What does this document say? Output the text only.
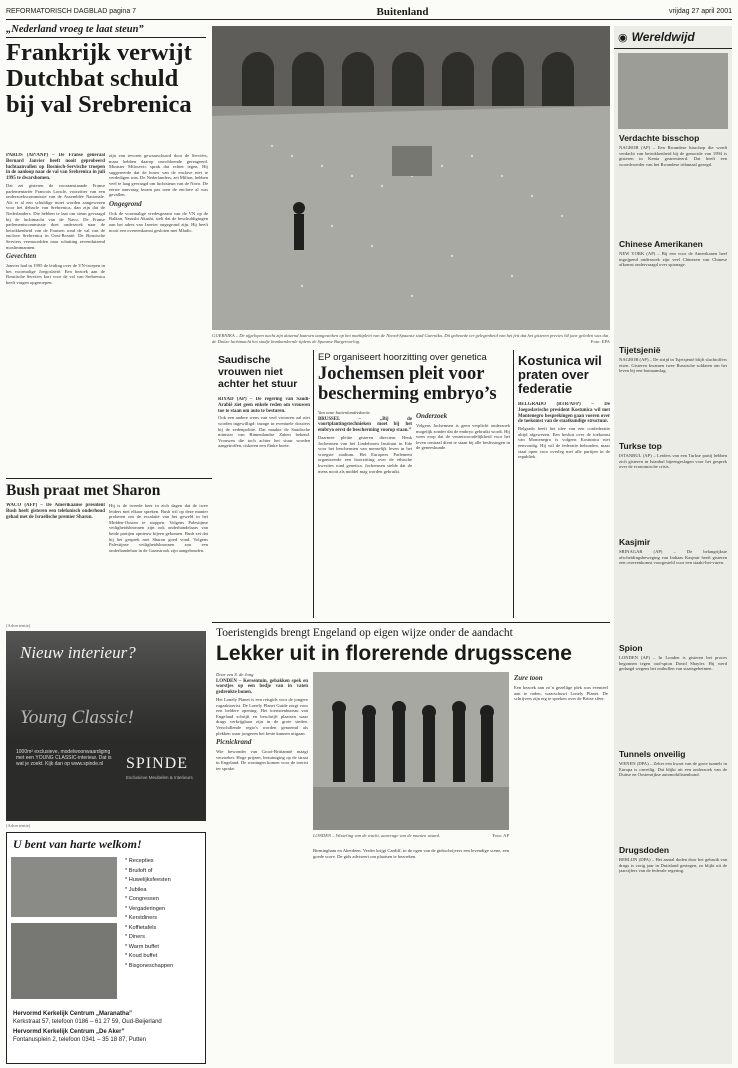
REFORMATORISCH DAGBLAD pagina 7	Buitenland	vrijdag 27 april 2001
„Nederland vroeg te laat steun”
Frankrijk verwijt Dutchbat schuld bij val Srebrenica

PARIJS (AP/ANP) – De Franse generaal Bernard Janvier heeft nooit geprobeerd luchtaanvallen op Bosnisch-Servische troepen in de aanloop naar de val van Srebrenica in juli 1995 te dwarsbomen.

Dat zei gisteren de vooraanstaande Franse parlementariër Francois Loncle, voorzitter van een onderzoekscommissie van de Assemblée Nationale. Als er al een schuldige moet worden aangewezen voor het debacle van Srebrenica, dan zijn dat de Nederlanders. Die hebben te laat om steun gevraagd bij de luchtmacht van de Navo. De Franse parlementscommissie doet onderzoek naar de betrokkenheid van de Fransen rond de val van de enclave Srebrenica in Oost-Bosnië. De Bosnische Serviers vermoordden naar schatting zevenduizend moslimmannen.

Gevechten

Janvier had in 1995 de leiding over de VN-troepen in het voormalige Joegoslavië. Een bezoek aan de Bosnische Serviers kort voor de val van Srebrenica heeft vragen opgeroepen.

zijn van tevoren gewaarschuwd door de Serviërs, maar hebben daarop onvoldoende gereageerd. Minister Milosevic sprak dat echter tegen. Hij suggereerde dat de bouw van de enclave niet te verdedigen was. De Nederlanders, zei Milion, hebben veel te laag gevraagd om luchtsteun van de Navo. De eerste aanvraag kwam pas toen de enclave al was gevallen.

Ongegrond

Ook de voormalige vredesgezant van de VN op de Balkan, Yasushi Akashi, stelt dat de beschuldigingen aan het adres van Janvier ongegrond zijn. Hij heeft nooit een overeenkomst gesloten met Mladic.

GUERNIKA – De afgelopen nacht zijn duizend kaarsen aangestoken op het marktplein van de Noord-Spaanse stad Guernika. Dit gebeurde ter gelegenheid van het feit dat het gisteren precies 64 jaar geleden was dat de Duitse luchtmacht het stadje bombardeerde tijdens de Spaanse Burgeroorlog.	Foto: EPA
Saudische vrouwen niet achter het stuur

RIYAD (AP) – De regering van Saudi-Arabië ziet geen enkele reden om vrouwen toe te staan om auto te besturen.

Ook een andere wens van veel vrouwen zal niet worden ingewilligd: inzage in eventuele dossiers bij de zedenpolitie. Dat maakte de Saudische minister van Binnenlandse Zaken bekend. Vrouwen die toch achter het stuur worden aangetroffen, riskeren een flinke boete.

EP organiseert hoorzitting over genetica
Jochemsen pleit voor bescherming embryo’s

Van onze buitenlandredactie

BRUSSEL – „Bij de voortplantingstechnieken moet bij het embryo eerst de bescherming voorop staan.”

Daarmee pleitte gisteren directeur Henk Jochemsen van het Lindeboom Instituut in Ede voor het beschermen van menselijk leven in het vroegste stadium. Het Europees Parlement organiseerde een hoorzitting over de ethische kwesties rond genetica. Jochemsen stelde dat de mens nooit als middel mag worden gebruikt.

Onderzoek

Volgens Jochemsen is geen verplicht onderzoek mogelijk zonder dat de embryo gebruikt wordt. Hij wees erop dat de verantwoordelijkheid voor het leven centraal dient te staan bij alle beslissingen in de geneeskunde.

Kostunica wil praten over federatie

BELGRADO (RTR/AFP) – De Joegoslavische president Kostunica wil met Montenegro besprekingen gaan voeren over de toekomst van de staatkundige structuur.

Belgrado heeft het idee van een confederatie altijd afgewezen. Een besluit over de toekomst van Montenegro is volgens Kostunica niet eenvoudig. Hij wil de federatie behouden, maar staat open voor overleg met alle partijen in de republiek.

Bush praat met Sharon

WACO (AFP) – De Amerikaanse president Bush heeft gisteren een telefonisch onderhoud gehad met de Israelische premier Sharon.

Hij is de tweede keer in zich dagen dat de twee leiders met elkaar spreken. Bush wil op deze manier proberen om de escalatie van het geweld in het Midden-Oosten te stoppen. Volgens Palestijnse veiligheidsbronnen zijn ook onderhandelaars van beide partijen opnieuw bijeen gekomen. Bush zei dat hij het gesprek met Sharon goed vond. Volgens Palestijnse veiligheidsbronnen zou een onderhandelaar in de Gazastrook zijn aangehouden.

(Advertentie)
Nieuw interieur?
Young Classic!
1000m² exclusieve, modelwoonwaardiging met een YOUNG CLASSIC-interieur. Dat is wat je zoekt. Kijk dan op www.spinde.nl	SPINDE
Exclusieve Meubelen & Interieurs
(Advertentie)
U bent van harte welkom!
* Recepties
* Bruiloft of
* Huwelijksfeesten
* Jubilea
* Congressen
* Vergaderingen
* Kerstdiners
* Koffietafels
* Diners
* Warm buffet
* Koud buffet
* Bisgoneschappen
Hervormd Kerkelijk Centrum „Maranatha”
Kerkstraat 57, telefoon 0186 – 61 27 59, Oud-Beijerland
Hervormd Kerkelijk Centrum „De Aker”
Fontanusplein 2, telefoon 0341 – 35 18 87, Putten
Toeristengids brengt Engeland op eigen wijze onder de aandacht
Lekker uit in florerende drugsscene

Door een S. de Jong

LONDEN – Kersentuin, gebakken spek en worstjes op een bedje van in vaten gedrenkte bonen.

Het Lonely Planet is een reisgids voor de jongere rugzaktoerist. De Lonely Planet Guide zorgt voor een heldere opening. Het toeristenbureau van Engeland schrijft en beschrijft plaatsen waar drugs verkrijgbaar zijn in de grote steden. Verschillende regio's worden genoemd als plekken waar jongeren het beste kunnen uitgaan.

Picnickrand

Wie bewonder van Groot-Brittannië maagt verzoeker. Hoge prijzen, bezuiniging op de straat in Engeland. De woningen komen voor de toerist ter sprake.

LONDEN – Wisseling van de wacht, aanvrage van de munten waard.	Foto: AP

Birmingham en Aberdeen. Verder krijgt Cardiff, in de ogen van de gidsschrijvers een levendige scene, een goede score. De gids adviseert om plaatsen te bezoeken.

Zure toon

Een bezoek aan zo’n gezellige plek was eventeel aan te raden, waarschuwt Lonely Planet. De schrijvers zijn erg te spreken over de Britse sfeer.

◉ Wereldwijd
Verdachte bisschop
NAGROB (AP) – Een Rwandese bisschop die wordt verdacht van betrokkenheid bij de genocide van 1994 is gisteren in Kenia gearresteerd. Dat heeft een woordvoerder van het Rwandese tribunaal gezegd.
Chinese Amerikanen
NEW YORK (AP) – Bij een voor de Amerikanen heel ingrijpend onderzoek zijn veel Chinezen van Chinese afkomst ondervraagd over spionage.
Tijetsjenië
NAGROB (AP) – De strijd in Tsjetsjenië blijft slachtoffers eisen. Gisteren kwamen twee Russische soldaten om het leven bij een bomaanslag.
Turkse top
ISTANBUL (AP) – Leiders van een Turkse partij hebben zich gisteren in Istanbul bijeengeslagen voor het gesprek over de economische crisis.
Kasjmir
SRINAGAR (AP) – De belangrijkste afscheidingsbeweging van Indiaas Kasjmir heeft gisteren een overeenkomst voorgesteld voor een staakt-het-vuren.
Spion
LONDEN (AP) – In Londen is gisteren het proces begonnen tegen oud-spion David Shayler. Hij werd gedaagd wegens het onthullen van staatsgeheimen.
Tunnels onveilig
WENEN (DPA) – Zeker een kwart van de grote tunnels in Europa is onveilig. Dat blijkt uit een onderzoek van de Duitse en Oostenrijkse automobilistenbond.
Drugsdoden
BERLIJN (DPA) – Het aantal doden door het gebruik van drugs is vorig jaar in Duitsland gestegen, zo blijkt uit de jaarcijfers van de federale regering.
